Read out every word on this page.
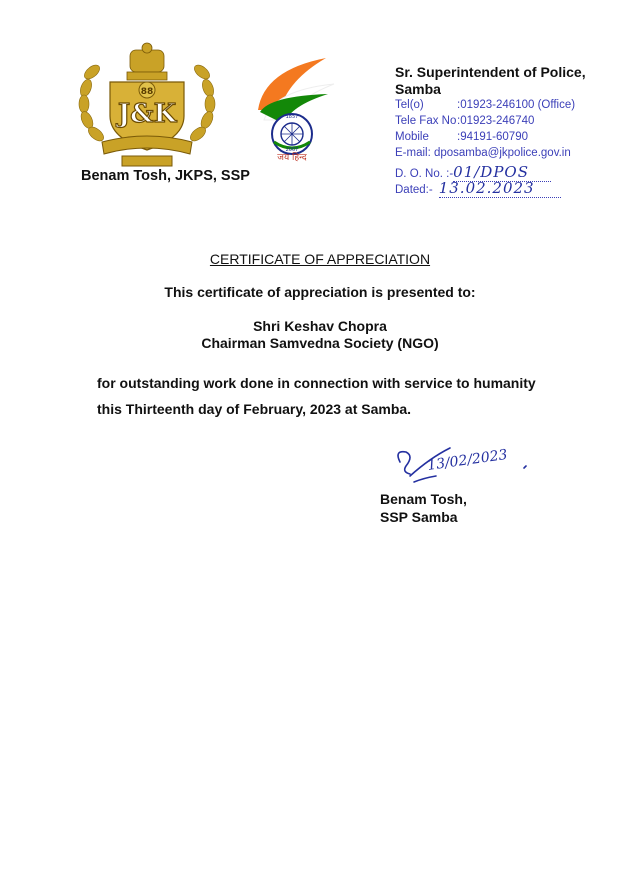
88
J&K	1857
2007
जय हिन्द
Benam Tosh, JKPS, SSP
Sr. Superintendent of Police,
Samba
Tel(o)	:01923-246100 (Office)
Tele Fax No:01923-246740
Mobile :94191-60790
E-mail: dposamba@jkpolice.gov.in
D. O. No. :-01/DPOS
Dated:- 13.02.2023
CERTIFICATE OF APPRECIATION
This certificate of appreciation is presented to:
Shri Keshav Chopra
Chairman Samvedna Society (NGO)
for outstanding work done in connection with service to humanity
this Thirteenth day of February, 2023 at Samba.
13/02/2023
Benam Tosh,
SSP Samba
